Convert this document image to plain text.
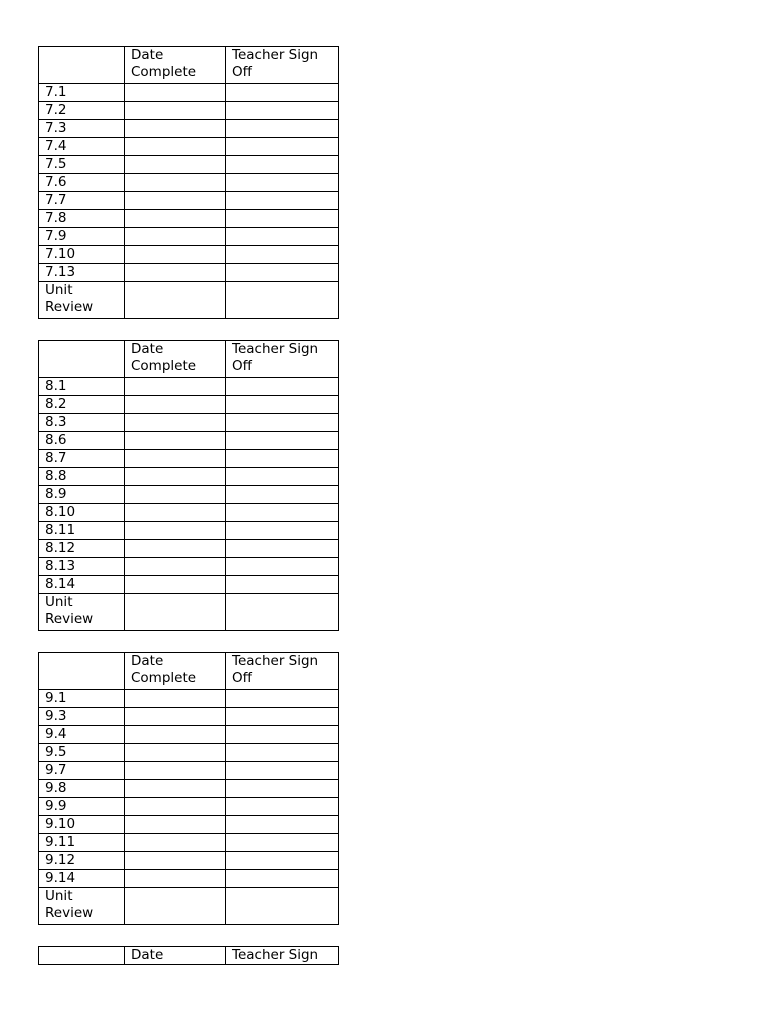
	Date Complete	Teacher Sign Off
7.1		
7.2		
7.3		
7.4		
7.5		
7.6		
7.7		
7.8		
7.9		
7.10		
7.13		
Unit Review		
	Date Complete	Teacher Sign Off
8.1		
8.2		
8.3		
8.6		
8.7		
8.8		
8.9		
8.10		
8.11		
8.12		
8.13		
8.14		
Unit Review		
	Date Complete	Teacher Sign Off
9.1		
9.3		
9.4		
9.5		
9.7		
9.8		
9.9		
9.10		
9.11		
9.12		
9.14		
Unit Review		
	Date	Teacher Sign
